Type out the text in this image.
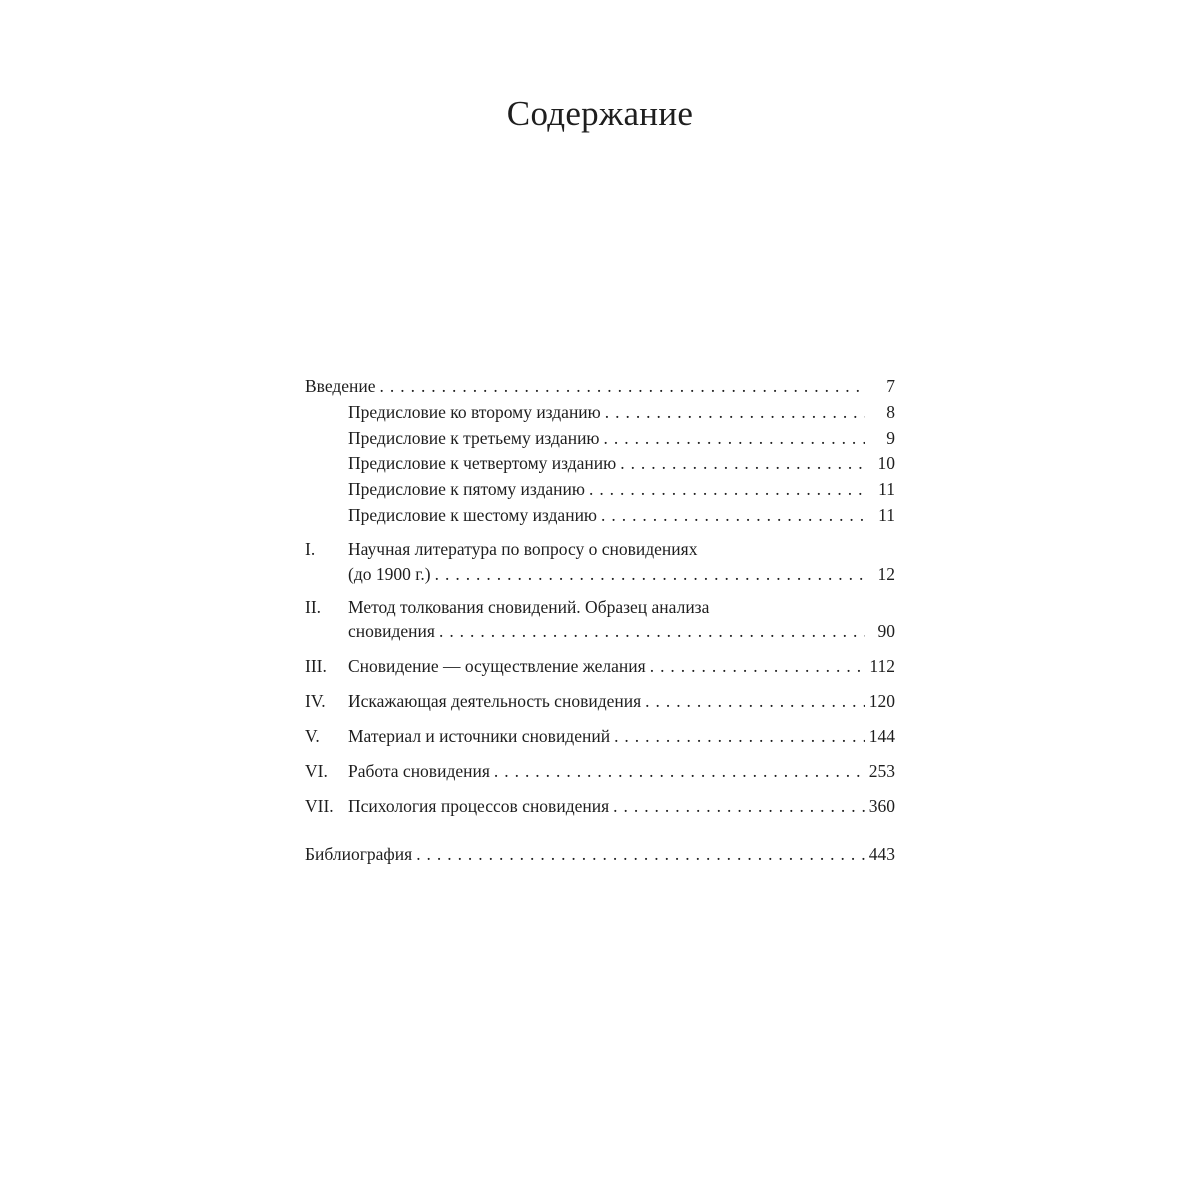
Содержание
Введение . . .	7
Предисловие ко второму изданию . . .	8
Предисловие к третьему изданию . . .	9
Предисловие к четвертому изданию . . .	10
Предисловие к пятому изданию . . .	11
Предисловие к шестому изданию . . .	11
I. Научная литература по вопросу о сновидениях
(до 1900 г.) . . .	12
II. Метод толкования сновидений. Образец анализа
сновидения . . .	90
III. Сновидение — осуществление желания . . .	112
IV. Искажающая деятельность сновидения . . .	120
V. Материал и источники сновидений . . .	144
VI. Работа сновидения . . .	253
VII. Психология процессов сновидения . . .	360
Библиография . . .	443
